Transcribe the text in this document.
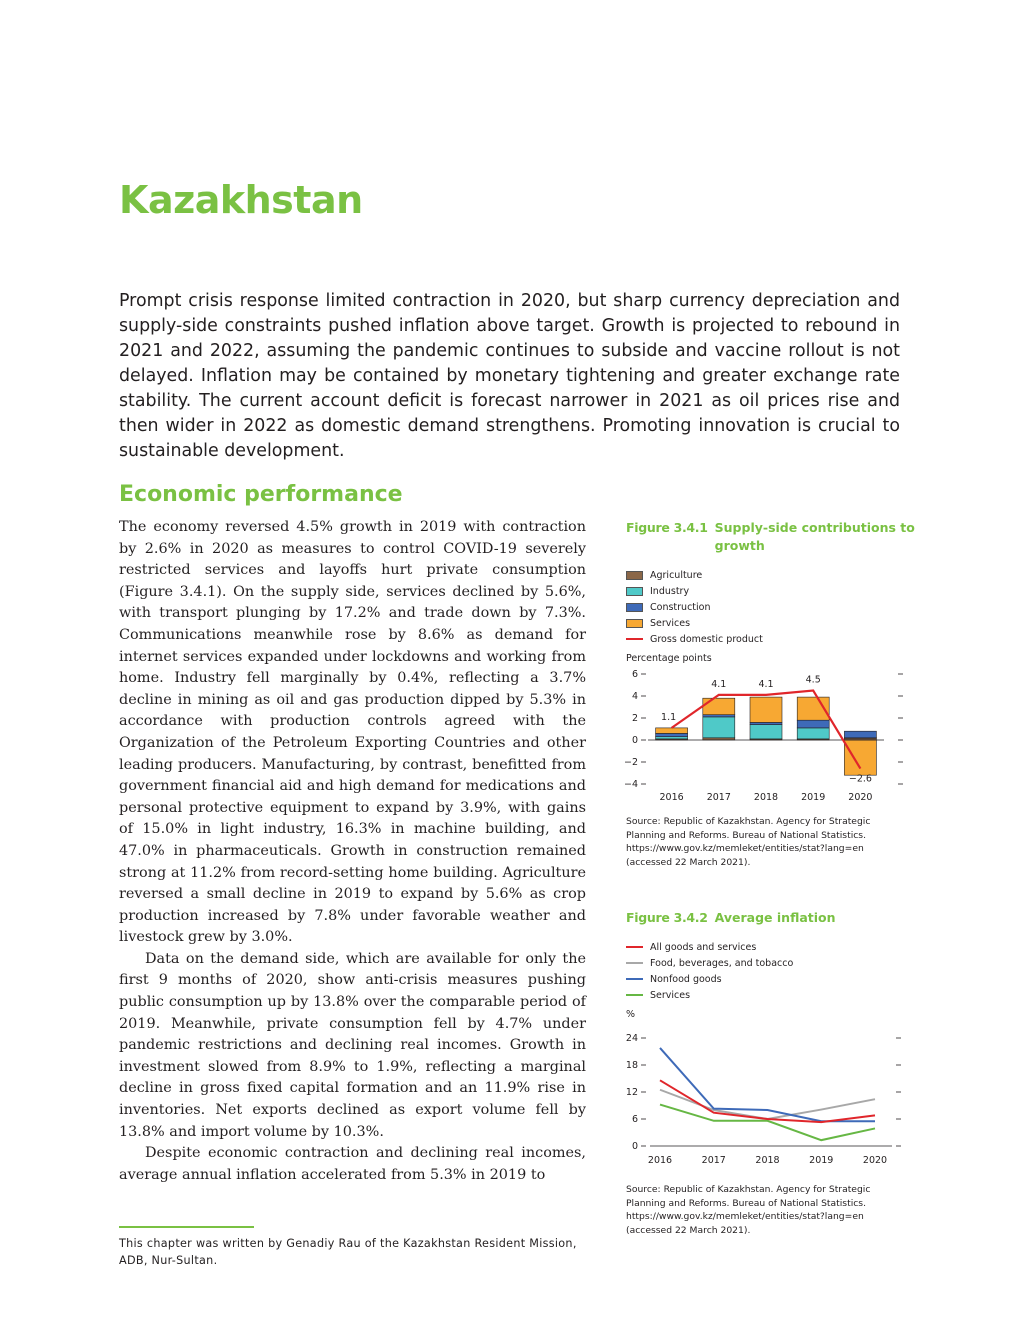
Kazakhstan

Prompt crisis response limited contraction in 2020, but sharp currency depreciation and supply-side constraints pushed inflation above target. Growth is projected to rebound in 2021 and 2022, assuming the pandemic continues to subside and vaccine rollout is not delayed. Inflation may be contained by monetary tightening and greater exchange rate stability. The current account deficit is forecast narrower in 2021 as oil prices rise and then wider in 2022 as domestic demand strengthens. Promoting innovation is crucial to sustainable development.

Economic performance

The economy reversed 4.5% growth in 2019 with contraction by 2.6% in 2020 as measures to control COVID-19 severely restricted services and layoffs hurt private consumption (Figure 3.4.1). On the supply side, services declined by 5.6%, with transport plunging by 17.2% and trade down by 7.3%. Communications meanwhile rose by 8.6% as demand for internet services expanded under lockdowns and working from home. Industry fell marginally by 0.4%, reflecting a 3.7% decline in mining as oil and gas production dipped by 5.3% in accordance with production controls agreed with the Organization of the Petroleum Exporting Countries and other leading producers. Manufacturing, by contrast, benefitted from government financial aid and high demand for medications and personal protective equipment to expand by 3.9%, with gains of 15.0% in light industry, 16.3% in machine building, and 47.0% in pharmaceuticals. Growth in construction remained strong at 11.2% from record-setting home building. Agriculture reversed a small decline in 2019 to expand by 5.6% as crop production increased by 7.8% under favorable weather and livestock grew by 3.0%.

Data on the demand side, which are available for only the first 9 months of 2020, show anti-crisis measures pushing public consumption up by 13.8% over the comparable period of 2019. Meanwhile, private consumption fell by 4.7% under pandemic restrictions and declining real incomes. Growth in investment slowed from 8.9% to 1.9%, reflecting a marginal decline in gross fixed capital formation and an 11.9% rise in inventories. Net exports declined as export volume fell by 13.8% and import volume by 10.3%.

Despite economic contraction and declining real incomes, average annual inflation accelerated from 5.3% in 2019 to

This chapter was written by Genadiy Rau of the Kazakhstan Resident Mission, ADB, Nur-Sultan.
Figure 3.4.1 Supply-side contributions to growth
Agriculture
Industry
Construction
Services
Gross domestic product
Percentage points
6
4
2
0
−2
−4
2016 2017 2018 2019 2020
1.1
4.1	4.1	4.5
−2.6
Source: Republic of Kazakhstan. Agency for Strategic Planning and Reforms. Bureau of National Statistics. https://www.gov.kz/memleket/entities/stat?lang=en (accessed 22 March 2021).
Figure 3.4.2 Average inflation
All goods and services
Food, beverages, and tobacco
Nonfood goods
Services
%
24
18
12
6
0
2016	2017	2018	2019	2020
Source: Republic of Kazakhstan. Agency for Strategic Planning and Reforms. Bureau of National Statistics. https://www.gov.kz/memleket/entities/stat?lang=en (accessed 22 March 2021).
